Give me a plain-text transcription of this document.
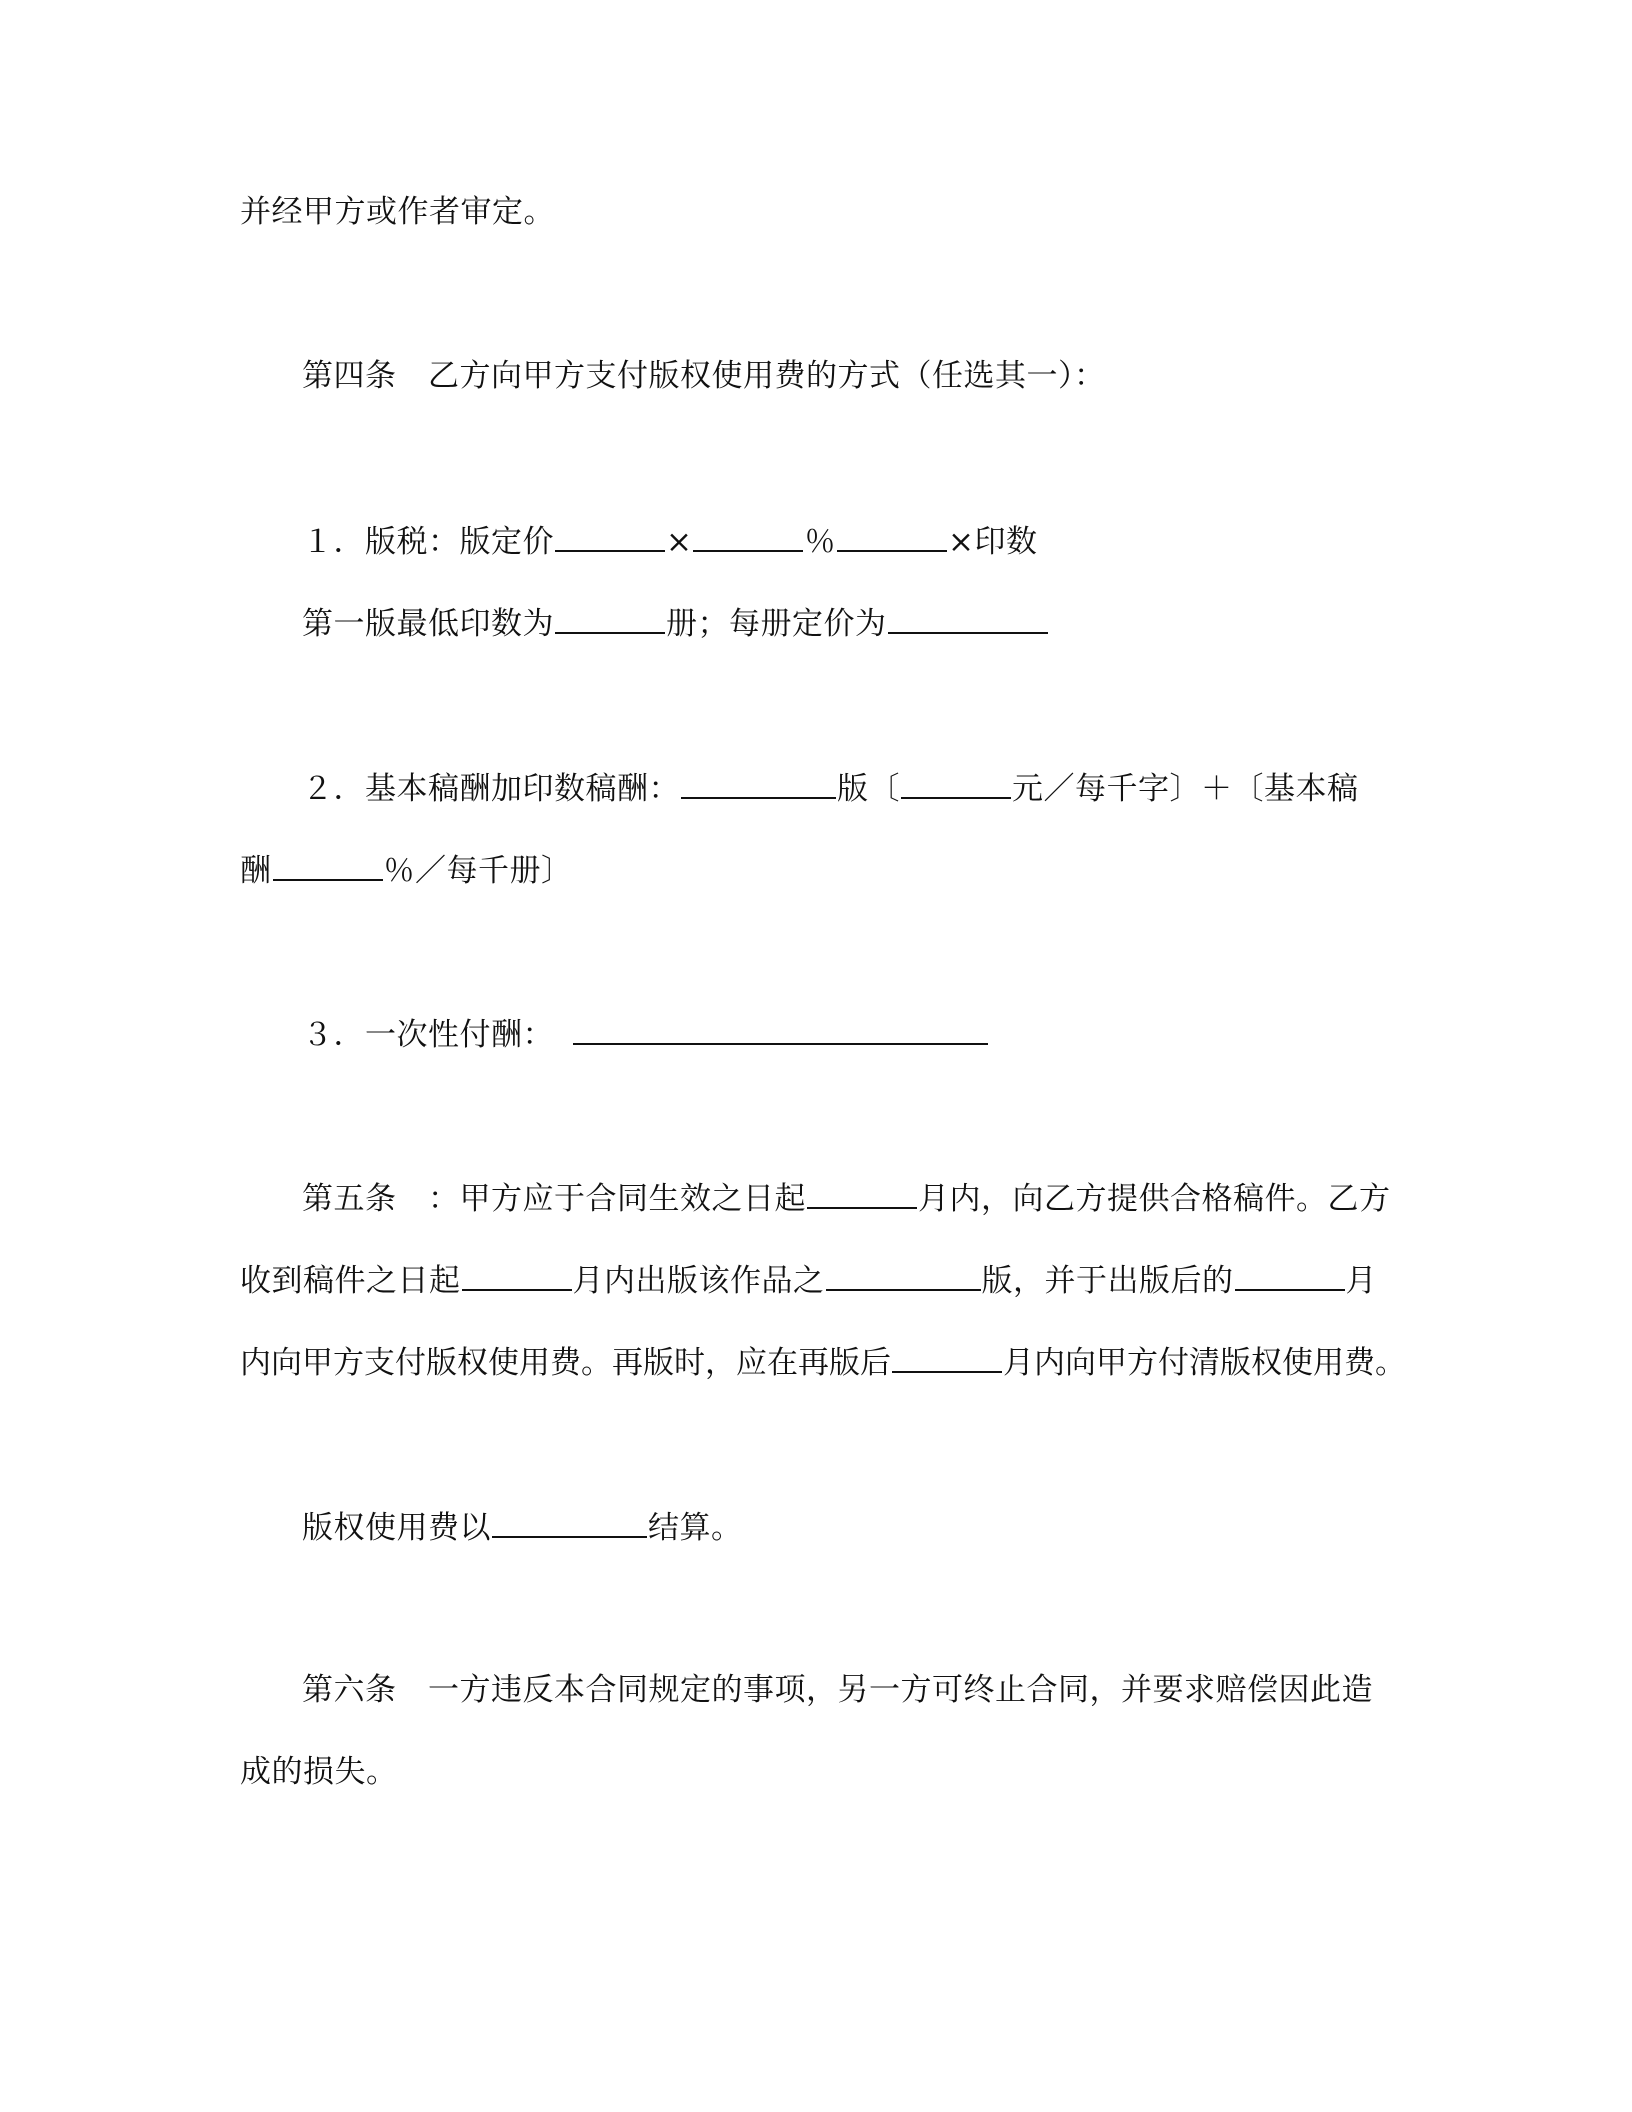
并经甲方或作者审定。
第四条　乙方向甲方支付版权使用费的方式（任选其一）：
１．版税：版定价	×	％	×印数
第一版最低印数为	册；每册定价为
２．基本稿酬加印数稿酬：	版〔	元／每千字〕＋〔基本稿
酬	％／每千册〕
３．一次性付酬：
第五条　：甲方应于合同生效之日起	月内，向乙方提供合格稿件。乙方
收到稿件之日起	月内出版该作品之	版，并于出版后的	月
内向甲方支付版权使用费。再版时，应在再版后	月内向甲方付清版权使用费。
版权使用费以	结算。
第六条　一方违反本合同规定的事项，另一方可终止合同，并要求赔偿因此造
成的损失。
